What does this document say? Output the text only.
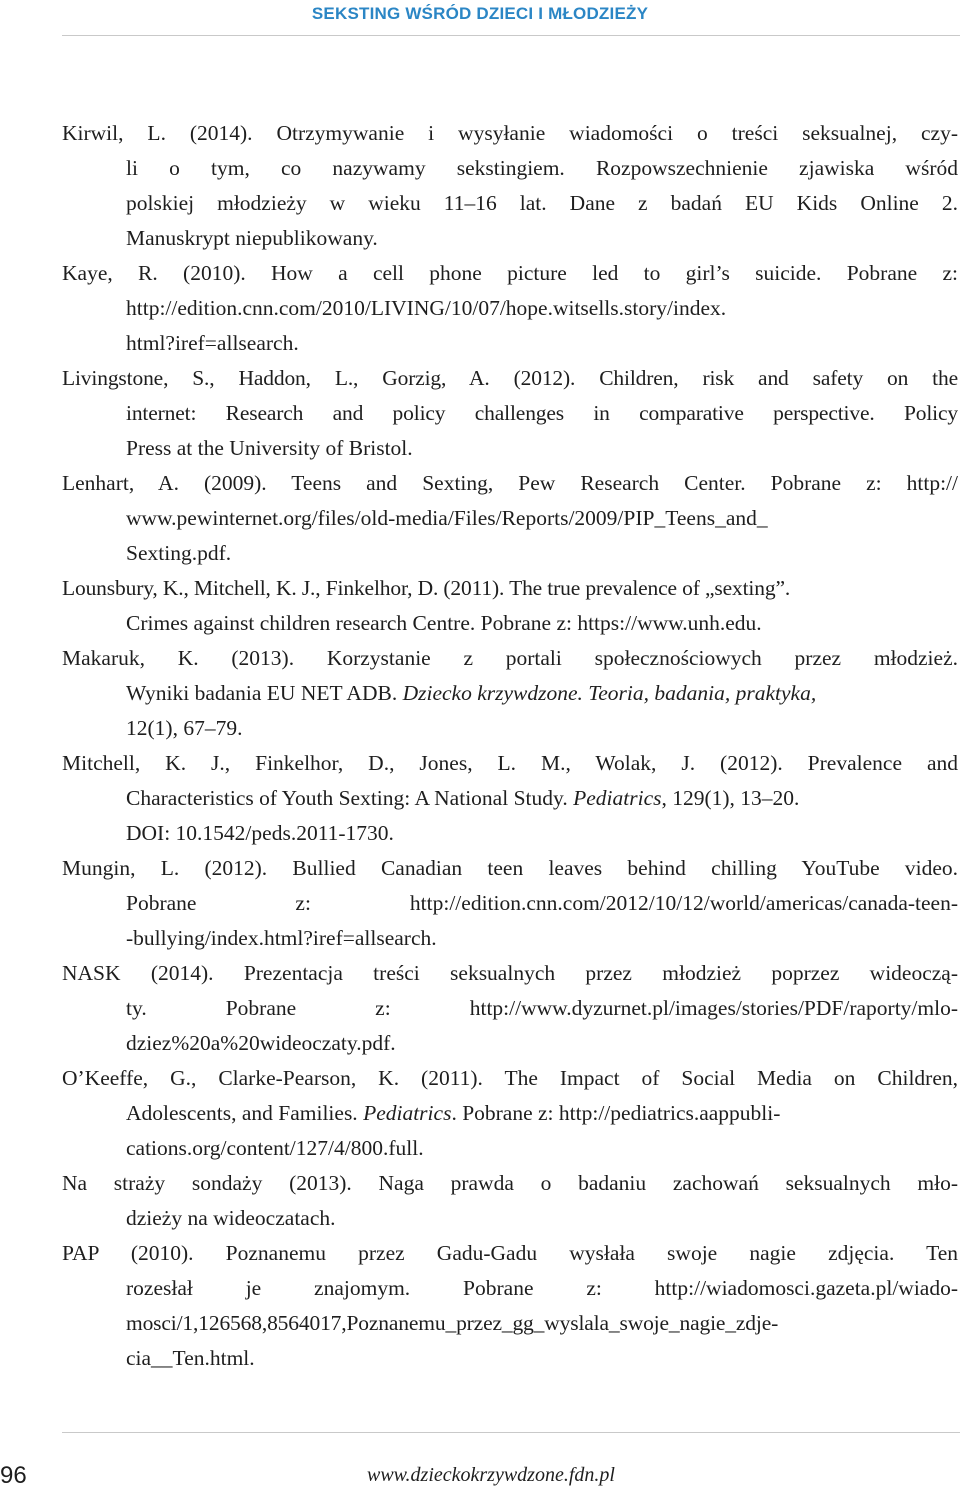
SEKSTING WŚRÓD DZIECI I MŁODZIEŻY
Kirwil, L. (2014). Otrzymywanie i wysyłanie wiadomości o treści seksualnej, czy-
li o tym, co nazywamy sekstingiem. Rozpowszechnienie zjawiska wśród
polskiej młodzieży w wieku 11–16 lat. Dane z badań EU Kids Online 2.
Manuskrypt niepublikowany.
Kaye, R. (2010). How a cell phone picture led to girl’s suicide. Pobrane z:
http://edition.cnn.com/2010/LIVING/10/07/hope.witsells.story/index.
html?iref=allsearch.
Livingstone, S., Haddon, L., Gorzig, A. (2012). Children, risk and safety on the
internet: Research and policy challenges in comparative perspective. Policy
Press at the University of Bristol.
Lenhart, A. (2009). Teens and Sexting, Pew Research Center. Pobrane z: http://
www.pewinternet.org/files/old-media/Files/Reports/2009/PIP_Teens_and_
Sexting.pdf.
Lounsbury, K., Mitchell, K. J., Finkelhor, D. (2011). The true prevalence of „sexting”.
Crimes against children research Centre. Pobrane z: https://www.unh.edu.
Makaruk, K. (2013). Korzystanie z portali społecznościowych przez młodzież.
Wyniki badania EU NET ADB. Dziecko krzywdzone. Teoria, badania, praktyka,
12(1), 67–79.
Mitchell, K. J., Finkelhor, D., Jones, L. M., Wolak, J. (2012). Prevalence and
Characteristics of Youth Sexting: A National Study. Pediatrics, 129(1), 13–20.
DOI: 10.1542/peds.2011-1730.
Mungin, L. (2012). Bullied Canadian teen leaves behind chilling YouTube video.
Pobrane z: http://edition.cnn.com/2012/10/12/world/americas/canada-teen-
-bullying/index.html?iref=allsearch.
NASK (2014). Prezentacja treści seksualnych przez młodzież poprzez wideoczą-
ty. Pobrane z: http://www.dyzurnet.pl/images/stories/PDF/raporty/mlo-
dziez%20a%20wideoczaty.pdf.
O’Keeffe, G., Clarke-Pearson, K. (2011). The Impact of Social Media on Children,
Adolescents, and Families. Pediatrics. Pobrane z: http://pediatrics.aappubli-
cations.org/content/127/4/800.full.
Na straży sondaży (2013). Naga prawda o badaniu zachowań seksualnych mło-
dzieży na wideoczatach.
PAP (2010). Poznanemu przez Gadu-Gadu wysłała swoje nagie zdjęcia. Ten
rozesłał je znajomym. Pobrane z: http://wiadomosci.gazeta.pl/wiado-
mosci/1,126568,8564017,Poznanemu_przez_gg_wyslala_swoje_nagie_zdje-
cia__Ten.html.
96	www.dzieckokrzywdzone.fdn.pl
